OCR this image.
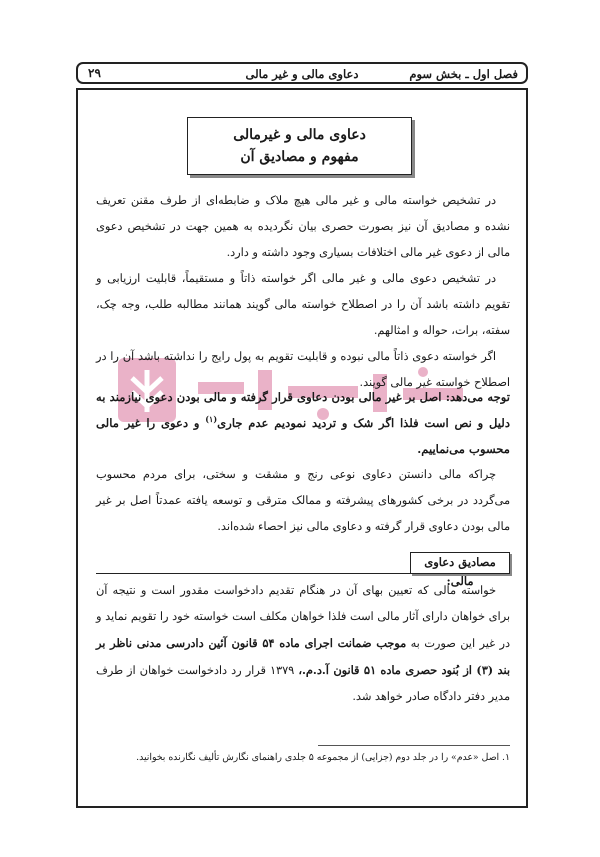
فصل اول ـ بخش سوم
دعاوی مالی و غیر مالی
۲۹
دعاوی مالی و غیرمالی
مفهوم و مصادیق آن

در تشخیص خواسته مالی و غیر مالی هیچ ملاک و ضابطه‌ای از طرف مقنن تعریف نشده و مصادیق آن نیز بصورت حصری بیان نگردیده به همین جهت در تشخیص دعوی مالی از دعوی غیر مالی اختلافات بسیاری وجود داشته و دارد.

در تشخیص دعوی مالی و غیر مالی اگر خواسته ذاتاً و مستقیماً، قابلیت ارزیابی و تقویم داشته باشد آن را در اصطلاح خواسته مالی گویند همانند مطالبه طلب، وجه چک، سفته، برات، حواله و امثالهم.

اگر خواسته دعوی ذاتاً مالی نبوده و قابلیت تقویم به پول رایج را نداشته باشد آن را در اصطلاح خواسته غیر مالی گویند.

توجه می‌دهد: اصل بر غیر مالی بودن دعاوی قرار گرفته و مالی بودن دعوی نیازمند به دلیل و نص است فلذا اگر شک و تردید نمودیم عدم جاری$^{(۱)}$ و دعوی را غیر مالی محسوب می‌نماییم.

چراکه مالی دانستن دعاوی نوعی رنج و مشقت و سختی، برای مردم محسوب می‌گردد در برخی کشورهای پیشرفته و ممالک مترقی و توسعه یافته عمدتاً اصل بر غیر مالی بودن دعاوی قرار گرفته و دعاوی مالی نیز احصاء شده‌اند.

مصادیق دعاوی مالی:

خواسته مالی که تعیین بهای آن در هنگام تقدیم دادخواست مقدور است و نتیجه آن برای خواهان دارای آثار مالی است فلذا خواهان مکلف است خواسته خود را تقویم نماید و در غیر این صورت به موجب ضمانت اجرای ماده ۵۴ قانون آئین دادرسی مدنی ناظر بر بند (۳) از بُنود حصری ماده ۵۱ قانون آ.د.م.، ۱۳۷۹ قرار رد دادخواست خواهان از طرف مدیر دفتر دادگاه صادر خواهد شد.

۱. اصل «عدم» را در جلد دوم (جزایی) از مجموعه ۵ جلدی راهنمای نگارش تألیف نگارنده بخوانید.
